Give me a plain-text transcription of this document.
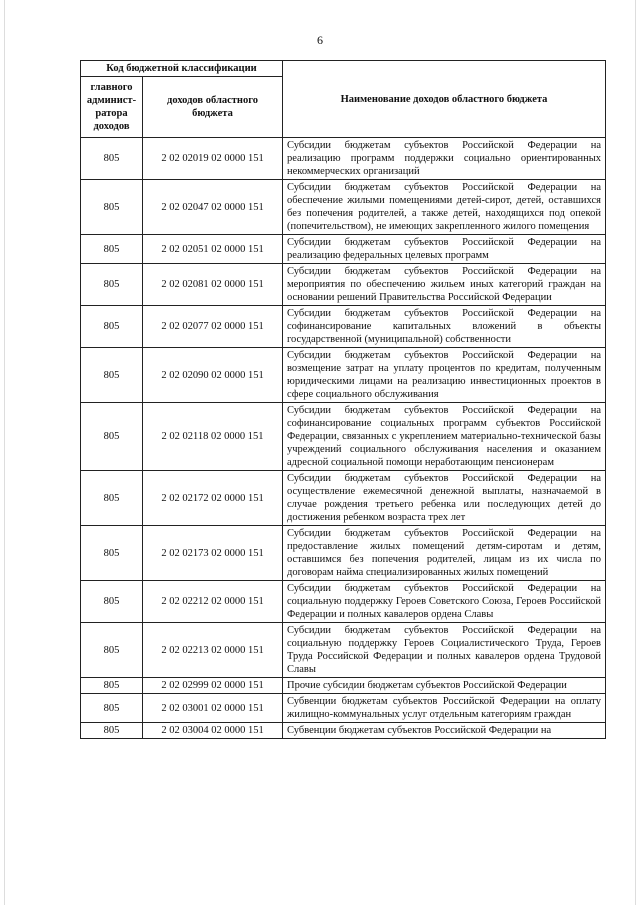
6
Код бюджетной классификации		Наименование доходов областного бюджета
главного админист-ратора доходов	доходов областного бюджета	
805	2 02 02019 02 0000 151	Субсидии бюджетам субъектов Российской Федерации на реализацию программ поддержки социально ориентированных некоммерческих организаций
805	2 02 02047 02 0000 151	Субсидии бюджетам субъектов Российской Федерации на обеспечение жилыми помещениями детей-сирот, детей, оставшихся без попечения родителей, а также детей, находящихся под опекой (попечительством), не имеющих закрепленного жилого помещения
805	2 02 02051 02 0000 151	Субсидии бюджетам субъектов Российской Федерации на реализацию федеральных целевых программ
805	2 02 02081 02 0000 151	Субсидии бюджетам субъектов Российской Федерации на мероприятия по обеспечению жильем иных категорий граждан на основании решений Правительства Российской Федерации
805	2 02 02077 02 0000 151	Субсидии бюджетам субъектов Российской Федерации на софинансирование капитальных вложений в объекты государственной (муниципальной) собственности
805	2 02 02090 02 0000 151	Субсидии бюджетам субъектов Российской Федерации на возмещение затрат на уплату процентов по кредитам, полученным юридическими лицами на реализацию инвестиционных проектов в сфере социального обслуживания
805	2 02 02118 02 0000 151	Субсидии бюджетам субъектов Российской Федерации на софинансирование социальных программ субъектов Российской Федерации, связанных с укреплением материально-технической базы учреждений социального обслуживания населения и оказанием адресной социальной помощи неработающим пенсионерам
805	2 02 02172 02 0000 151	Субсидии бюджетам субъектов Российской Федерации на осуществление ежемесячной денежной выплаты, назначаемой в случае рождения третьего ребенка или последующих детей до достижения ребенком возраста трех лет
805	2 02 02173 02 0000 151	Субсидии бюджетам субъектов Российской Федерации на предоставление жилых помещений детям-сиротам и детям, оставшимся без попечения родителей, лицам из их числа по договорам найма специализированных жилых помещений
805	2 02 02212 02 0000 151	Субсидии бюджетам субъектов Российской Федерации на социальную поддержку Героев Советского Союза, Героев Российской Федерации и полных кавалеров ордена Славы
805	2 02 02213 02 0000 151	Субсидии бюджетам субъектов Российской Федерации на социальную поддержку Героев Социалистического Труда, Героев Труда Российской Федерации и полных кавалеров ордена Трудовой Славы
805	2 02 02999 02 0000 151	Прочие субсидии бюджетам субъектов Российской Федерации
805	2 02 03001 02 0000 151	Субвенции бюджетам субъектов Российской Федерации на оплату жилищно-коммунальных услуг отдельным категориям граждан
805	2 02 03004 02 0000 151	Субвенции бюджетам субъектов Российской Федерации на
